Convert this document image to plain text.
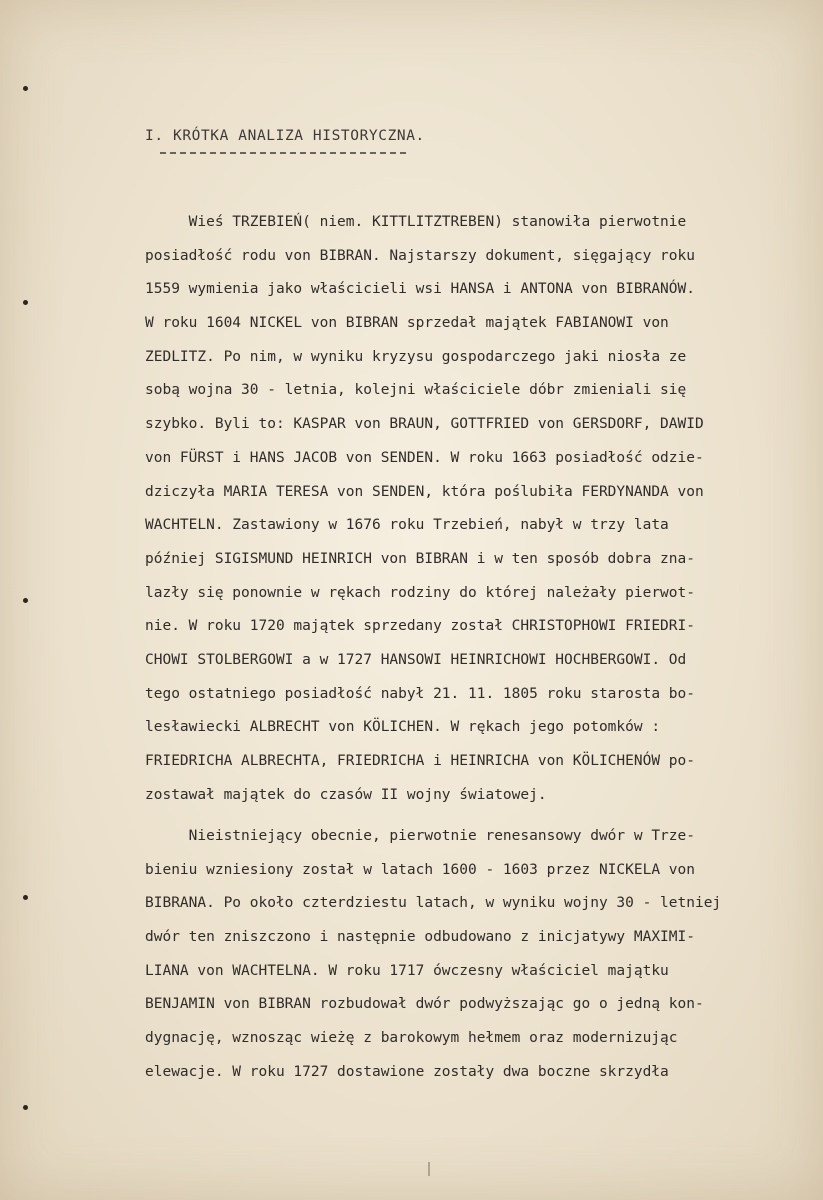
I. KRÓTKA ANALIZA HISTORYCZNA.
Wieś TRZEBIEŃ( niem. KITTLITZTREBEN) stanowiła pierwotnie
posiadłość rodu von BIBRAN. Najstarszy dokument, sięgający roku
1559 wymienia jako właścicieli wsi HANSA i ANTONA von BIBRANÓW.
W roku 1604 NICKEL von BIBRAN sprzedał majątek FABIANOWI von
ZEDLITZ. Po nim, w wyniku kryzysu gospodarczego jaki niosła ze
sobą wojna 30 - letnia, kolejni właściciele dóbr zmieniali się
szybko. Byli to: KASPAR von BRAUN, GOTTFRIED von GERSDORF, DAWID
von FÜRST i HANS JACOB von SENDEN. W roku 1663 posiadłość odzie-
dziczyła MARIA TERESA von SENDEN, która poślubiła FERDYNANDA von
WACHTELN. Zastawiony w 1676 roku Trzebień, nabył w trzy lata
później SIGISMUND HEINRICH von BIBRAN i w ten sposób dobra zna-
lazły się ponownie w rękach rodziny do której należały pierwot-
nie. W roku 1720 majątek sprzedany został CHRISTOPHOWI FRIEDRI-
CHOWI STOLBERGOWI a w 1727 HANSOWI HEINRICHOWI HOCHBERGOWI. Od
tego ostatniego posiadłość nabył 21. 11. 1805 roku starosta bo-
lesławiecki ALBRECHT von KÖLICHEN. W rękach jego potomków :
FRIEDRICHA ALBRECHTA, FRIEDRICHA i HEINRICHA von KÖLICHENÓW po-
zostawał majątek do czasów II wojny światowej.
Nieistniejący obecnie, pierwotnie renesansowy dwór w Trze-
bieniu wzniesiony został w latach 1600 - 1603 przez NICKELA von
BIBRANA. Po około czterdziestu latach, w wyniku wojny 30 - letniej
dwór ten zniszczono i następnie odbudowano z inicjatywy MAXIMI-
LIANA von WACHTELNA. W roku 1717 ówczesny właściciel majątku
BENJAMIN von BIBRAN rozbudował dwór podwyższając go o jedną kon-
dygnację, wznosząc wieżę z barokowym hełmem oraz modernizując
elewacje. W roku 1727 dostawione zostały dwa boczne skrzydła
